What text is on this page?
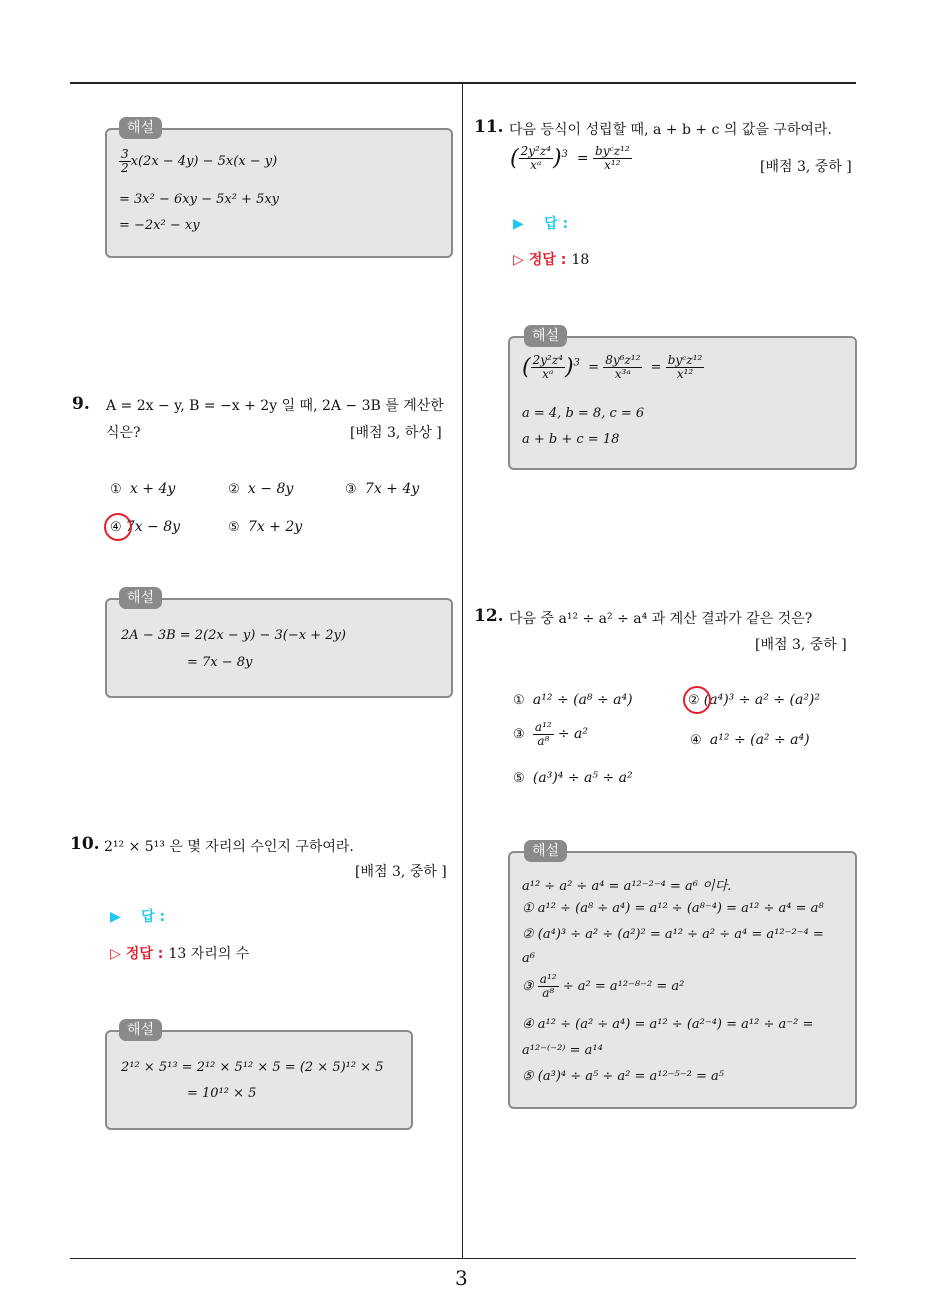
3
$\frac{3}{2} x(2x - 4y) - 5x(x - y)$
= 3x² − 6xy − 5x² + 5xy
= −2x² − xy
해설
9. A = 2x − y, B = −x + 2y 일 때, 2A − 3B 를 계산한
식은?	[배점 3, 하상 ]
① x + 4y	② x − 8y	③ 7x + 4y
④ 7x − 8y	⑤ 7x + 2y
2A − 3B = 2(2x − y) − 3(−x + 2y)
= 7x − 8y
해설
10. 2¹² × 5¹³ 은 몇 자리의 수인지 구하여라.
[배점 3, 중하 ]
▶ 답 :
▷ 정답 : 13 자리의 수
2¹² × 5¹³ = 2¹² × 5¹² × 5 = (2 × 5)¹² × 5
= 10¹² × 5
해설
11. 다음 등식이 성립할 때, a + b + c 의 값을 구하여라.
( $\frac{\text{2y²z⁴}}{\text{xᵃ}} )^3 = \frac{\text{byᶜz¹²}}{\text{x¹²}}$	[배점 3, 중하 ]
▶ 답 :
▷ 정답 : 18
( $\frac{\text{2y²z⁴}}{\text{xᵃ}} )^3 = \frac{\text{8y⁶z¹²}}{\text{x³ᵃ}} = \frac{\text{byᶜz¹²}}{\text{x¹²}}$
a = 4, b = 8, c = 6
a + b + c = 18
해설
12. 다음 중 a¹² ÷ a² ÷ a⁴ 과 계산 결과가 같은 것은?
[배점 3, 중하 ]
① a¹² ÷ (a⁸ ÷ a⁴)	② (a⁴)³ ÷ a² ÷ (a²)²
③ $\frac{\text{a¹²}}{\text{a⁸}} \div a^2$	④ a¹² ÷ (a² ÷ a⁴)
⑤ (a³)⁴ ÷ a⁵ ÷ a²
a¹² ÷ a² ÷ a⁴ = a¹²⁻²⁻⁴ = a⁶ 이다.
① a¹² ÷ (a⁸ ÷ a⁴) = a¹² ÷ (a⁸⁻⁴) = a¹² ÷ a⁴ = a⁸
② (a⁴)³ ÷ a² ÷ (a²)² = a¹² ÷ a² ÷ a⁴ = a¹²⁻²⁻⁴ =
a⁶
③ $\frac{\text{a¹²}}{\text{a⁸}} \div a^2 = a^{12-8-2} = a^2$
④ a¹² ÷ (a² ÷ a⁴) = a¹² ÷ (a²⁻⁴) = a¹² ÷ a⁻² =
a¹²⁻⁽⁻²⁾ = a¹⁴
⑤ (a³)⁴ ÷ a⁵ ÷ a² = a¹²⁻⁵⁻² = a⁵
해설
